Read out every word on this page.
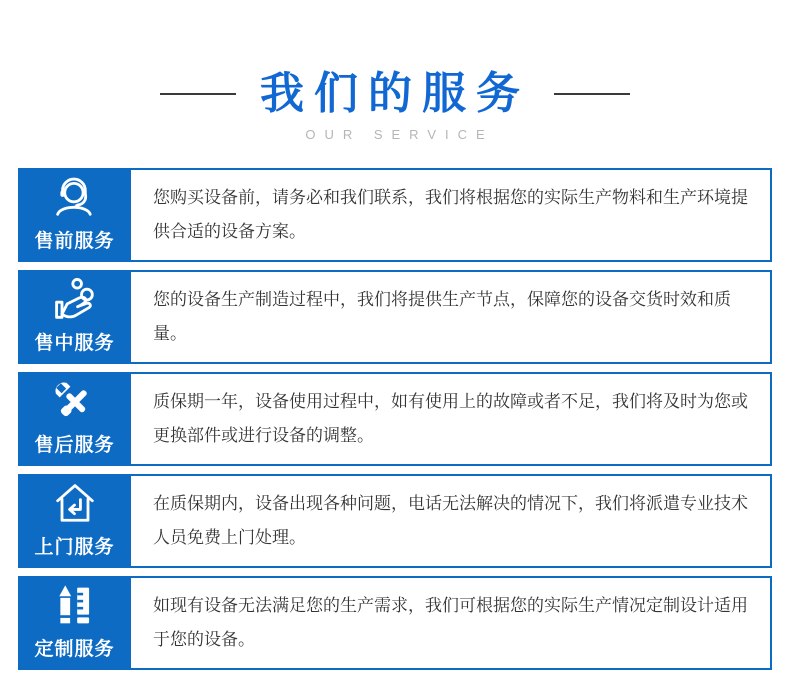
我们的服务
OUR SERVICE
售前服务

您购买设备前，请务必和我们联系，我们将根据您的实际生产物料和生产环境提供合适的设备方案。

售中服务

您的设备生产制造过程中，我们将提供生产节点，保障您的设备交货时效和质量。

售后服务

质保期一年，设备使用过程中，如有使用上的故障或者不足，我们将及时为您或更换部件或进行设备的调整。

上门服务

在质保期内，设备出现各种问题，电话无法解决的情况下，我们将派遣专业技术人员免费上门处理。

定制服务

如现有设备无法满足您的生产需求，我们可根据您的实际生产情况定制设计适用于您的设备。
